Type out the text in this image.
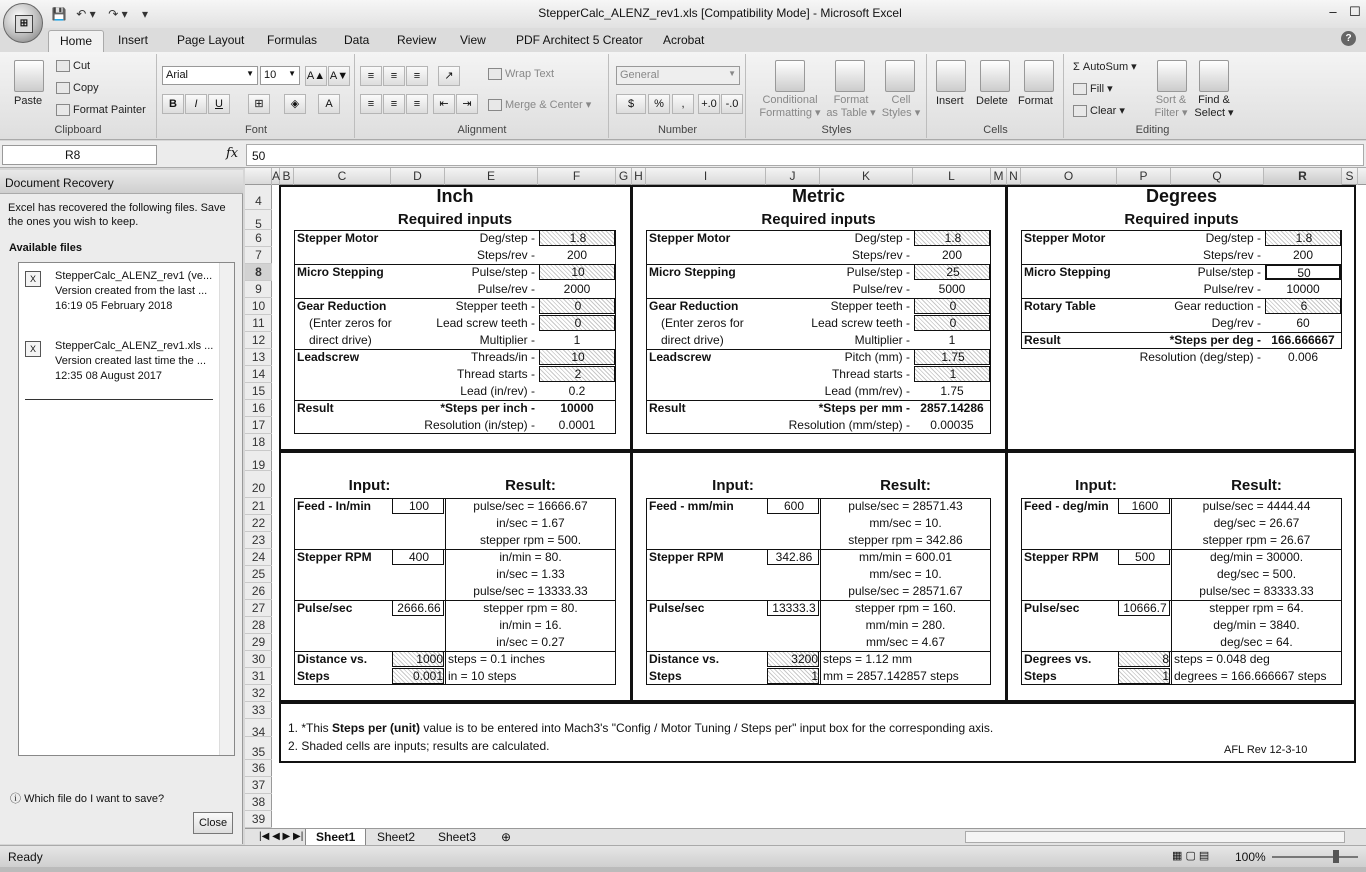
💾 ↶ ▾	↷ ▾	▾	StepperCalc_ALENZ_rev1.xls [Compatibility Mode] - Microsoft Excel	– ☐
⊞
Home	Insert Page Layout Formulas Data Review View	PDF Architect 5 Creator Acrobat	?
Paste
Cut
Copy
Format Painter
Clipboard
Arial	▼ 10 ▼ A▲ A▼
B	I	U	⊞	◈	A
Font
≡	≡	≡	↗	Wrap Text
≡	≡	≡	⇤	⇥	Merge & Center ▾
Alignment
General	▼
$	%	,	+.0 -.0
Number
Conditional
Formatting ▾
Format
as Table ▾
Cell
Styles ▾
Styles
Insert Delete Format
Cells
Σ AutoSum ▾
Fill ▾
Clear ▾
Sort &
Filter ▾
Find &
Select ▾
Editing
R8	fx	50
Document Recovery
Excel has recovered the following files. Save the ones you wish to keep.
Available files
X	StepperCalc_ALENZ_rev1 (ve...
Version created from the last ...
16:19 05 February 2018
X	StepperCalc_ALENZ_rev1.xls ...
Version created last time the ...
12:35 08 August 2017
ⓘ Which file do I want to save?
Close
A B	C	D	E	F	G H	I	J	K	L	M N	O	P	Q	R	S
4
5
6
7
8
9
10
11
12
13
14
15
16
17
18
19
20
21
22
23
24
25
26
27
28
29
30
31
32
33
34
35
36
37
38
39
Inch
Required inputs
Stepper Motor	Deg/step -	1.8
Steps/rev -	200
Micro Stepping	Pulse/step -	10
Pulse/rev -	2000
Gear Reduction
(Enter zeros for
direct drive)
Stepper teeth -	0
Lead screw teeth -	0
Multiplier -	1
Leadscrew	Threads/in -	10
Thread starts -	2
Lead (in/rev) -	0.2
Result	*Steps per inch -	10000
Resolution (in/step) -	0.0001
Input:	Result:
Feed - In/min	100	pulse/sec = 16666.67
in/sec = 1.67
stepper rpm = 500.
Stepper RPM	400	in/min = 80.
in/sec = 1.33
pulse/sec = 13333.33
Pulse/sec	2666.66	stepper rpm = 80.
in/min = 16.
in/sec = 0.27
Distance vs.
Steps
1000
0.001
steps = 0.1 inches
in = 10 steps
Metric
Required inputs
Stepper Motor	Deg/step -	1.8
Steps/rev -	200
Micro Stepping	Pulse/step -	25
Pulse/rev -	5000
Gear Reduction
(Enter zeros for
direct drive)
Stepper teeth -	0
Lead screw teeth -	0
Multiplier -	1
Leadscrew	Pitch (mm) -	1.75
Thread starts -	1
Lead (mm/rev) -	1.75
Result	*Steps per mm - 2857.14286
Resolution (mm/step) -	0.00035
Input:	Result:
Feed - mm/min	600	pulse/sec = 28571.43
mm/sec = 10.
stepper rpm = 342.86
Stepper RPM	342.86	mm/min = 600.01
mm/sec = 10.
pulse/sec = 28571.67
Pulse/sec	13333.3	stepper rpm = 160.
mm/min = 280.
mm/sec = 4.67
Distance vs.
Steps
3200
1
steps = 1.12 mm
mm = 2857.142857 steps
Degrees
Required inputs
Stepper Motor	Deg/step -	1.8
Steps/rev -	200
Micro Stepping	Pulse/step -	50
Pulse/rev -	10000
Rotary Table	Gear reduction -	6
Deg/rev -	60
Result	*Steps per deg - 166.666667
Resolution (deg/step) -	0.006
Input:	Result:
Feed - deg/min	1600	pulse/sec = 4444.44
deg/sec = 26.67
stepper rpm = 26.67
Stepper RPM	500	deg/min = 30000.
deg/sec = 500.
pulse/sec = 83333.33
Pulse/sec	10666.7	stepper rpm = 64.
deg/min = 3840.
deg/sec = 64.
Degrees vs.
Steps
8
1
steps = 0.048 deg
degrees = 166.666667 steps
1. *This Steps per (unit) value is to be entered into Mach3's "Config / Motor Tuning / Steps per" input box for the corresponding axis.
2. Shaded cells are inputs; results are calculated.	AFL Rev 12-3-10
|◀ ◀ ▶ ▶|	Sheet1	Sheet2	Sheet3	⊕
Ready	▦ ▢ ▤	100%
